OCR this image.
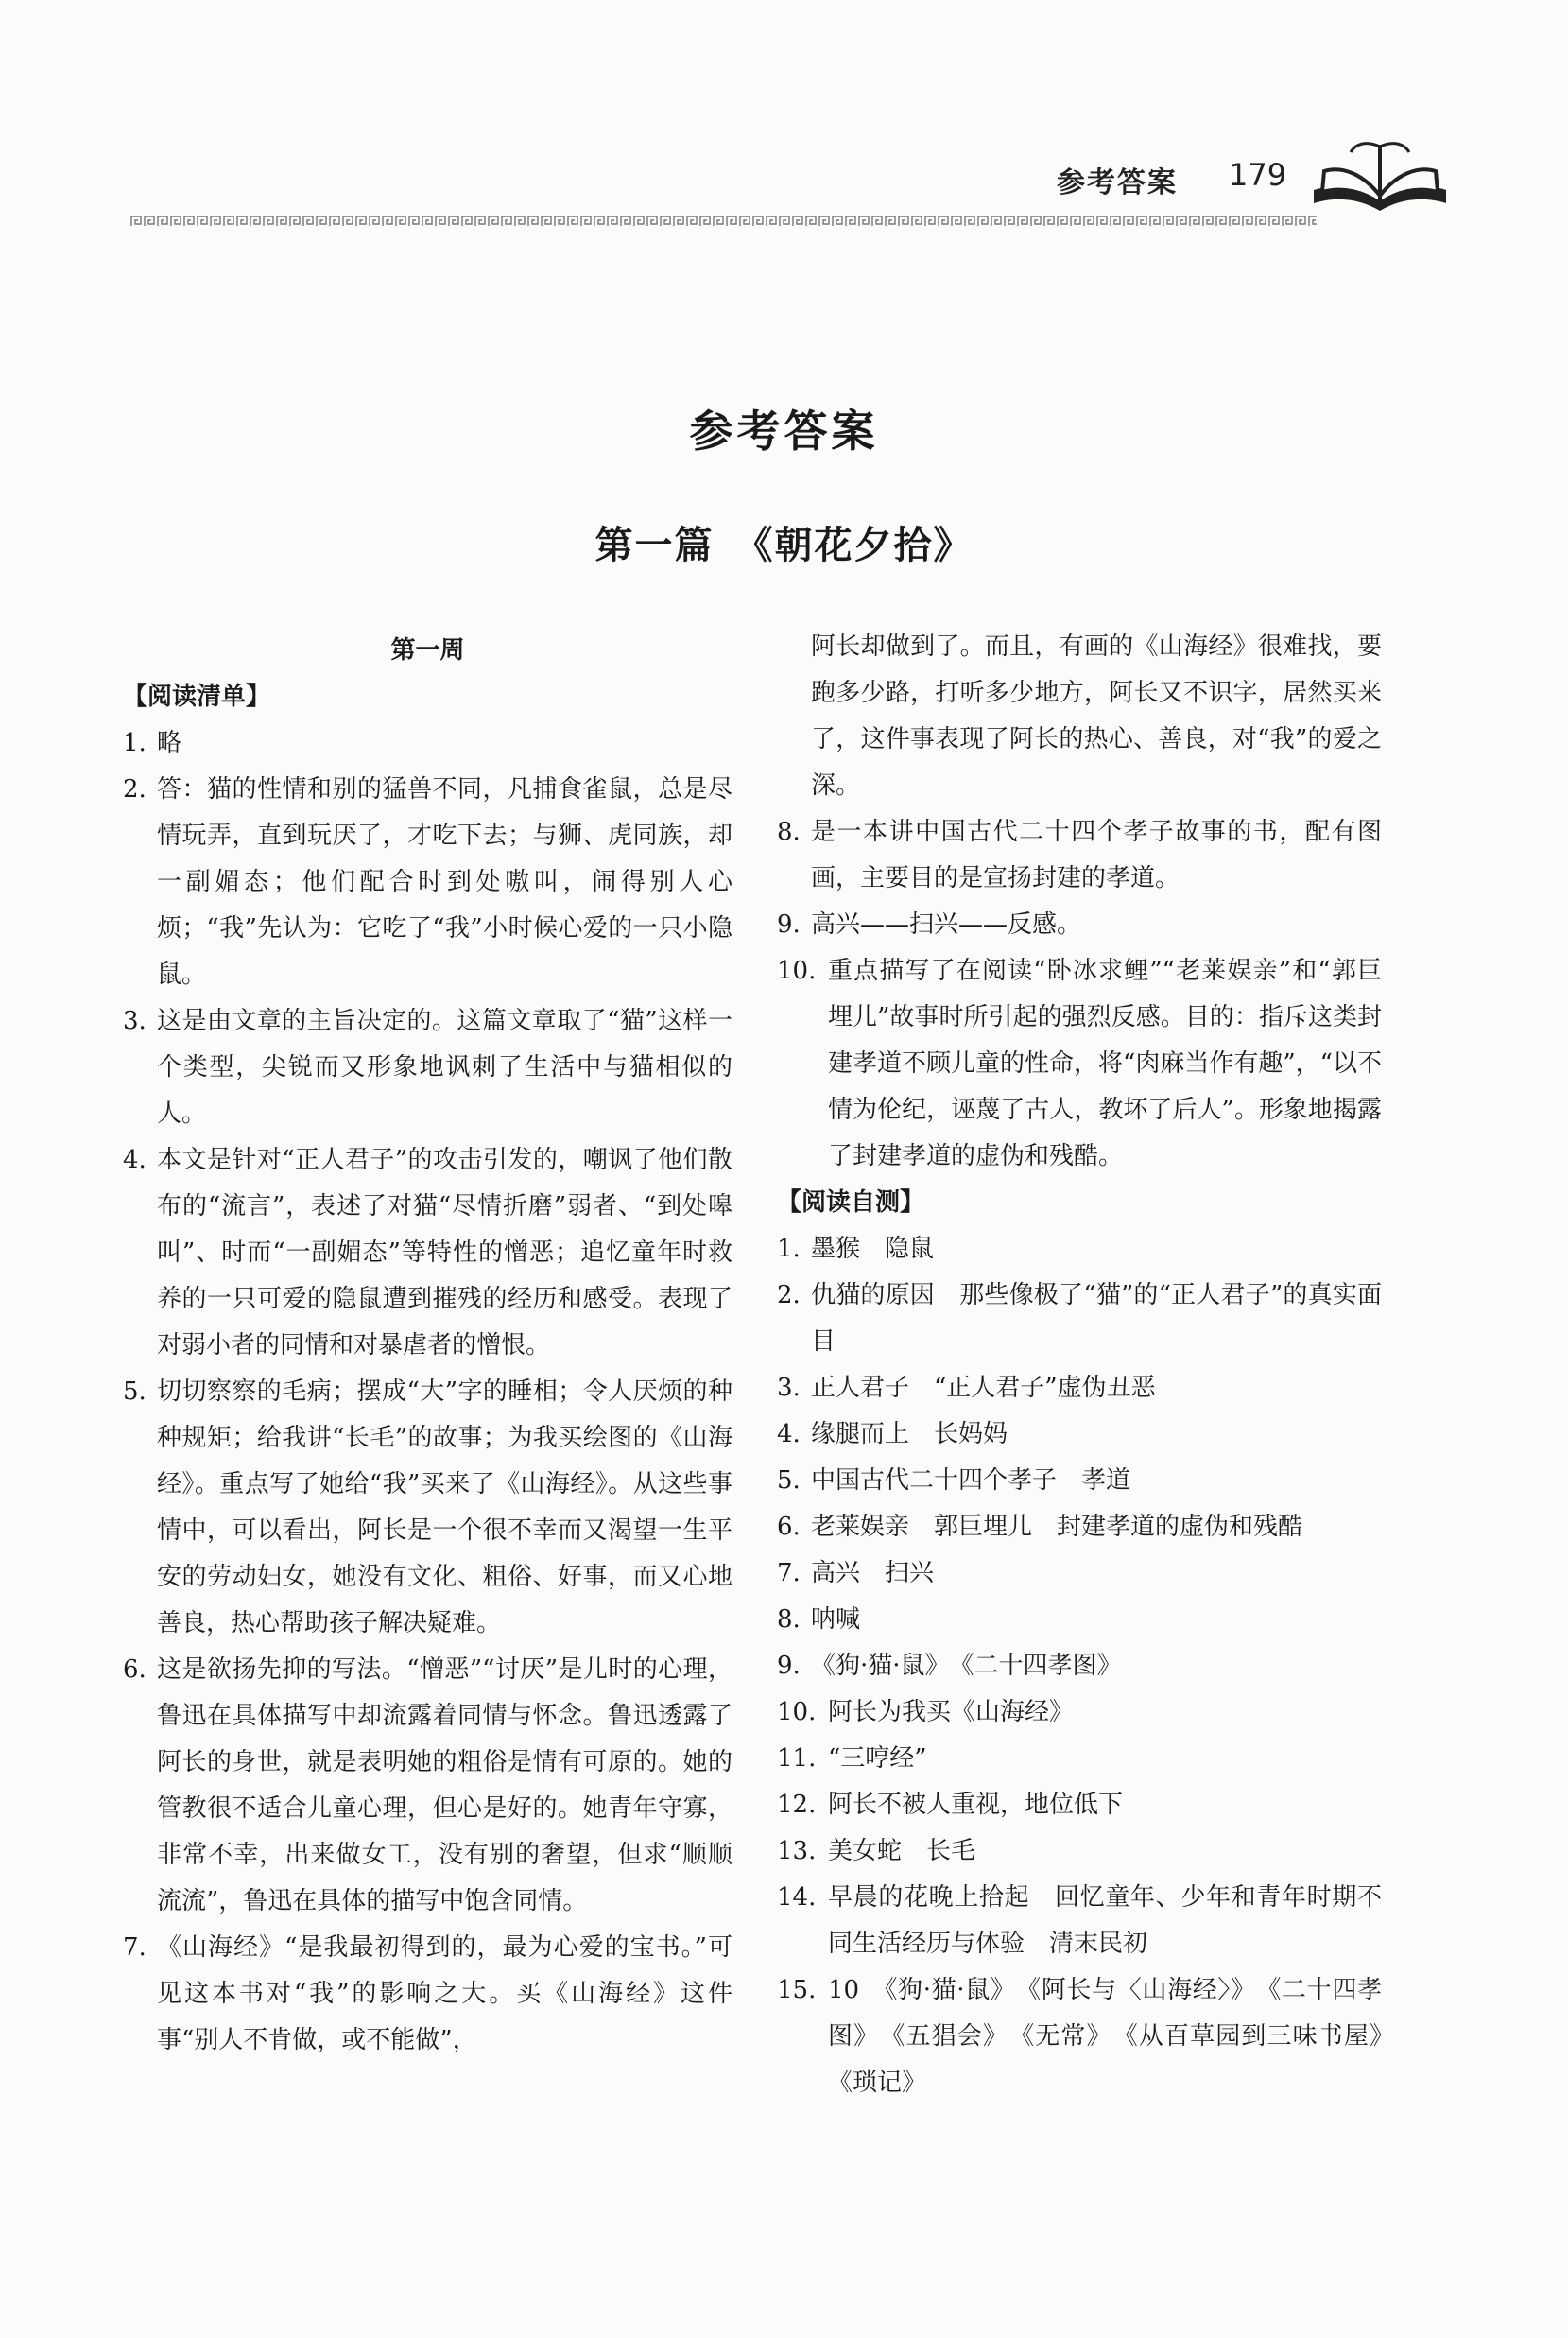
参考答案 179
参考答案
第一篇　《朝花夕拾》
第一周
【阅读清单】
1. 略
2. 答：猫的性情和别的猛兽不同，凡捕食雀鼠，总是尽情玩弄，直到玩厌了，才吃下去；与狮、虎同族，却一副媚态；他们配合时到处嗷叫，闹得别人心烦；“我”先认为：它吃了“我”小时候心爱的一只小隐鼠。
3. 这是由文章的主旨决定的。这篇文章取了“猫”这样一个类型，尖锐而又形象地讽刺了生活中与猫相似的人。
4. 本文是针对“正人君子”的攻击引发的，嘲讽了他们散布的“流言”，表述了对猫“尽情折磨”弱者、“到处嗥叫”、时而“一副媚态”等特性的憎恶；追忆童年时救养的一只可爱的隐鼠遭到摧残的经历和感受。表现了对弱小者的同情和对暴虐者的憎恨。
5. 切切察察的毛病；摆成“大”字的睡相；令人厌烦的种种规矩；给我讲“长毛”的故事；为我买绘图的《山海经》。重点写了她给“我”买来了《山海经》。从这些事情中，可以看出，阿长是一个很不幸而又渴望一生平安的劳动妇女，她没有文化、粗俗、好事，而又心地善良，热心帮助孩子解决疑难。
6. 这是欲扬先抑的写法。“憎恶”“讨厌”是儿时的心理，鲁迅在具体描写中却流露着同情与怀念。鲁迅透露了阿长的身世，就是表明她的粗俗是情有可原的。她的管教很不适合儿童心理，但心是好的。她青年守寡，非常不幸，出来做女工，没有别的奢望，但求“顺顺流流”，鲁迅在具体的描写中饱含同情。
7. 《山海经》“是我最初得到的，最为心爱的宝书。”可见这本书对“我”的影响之大。买《山海经》这件事“别人不肯做，或不能做”，
阿长却做到了。而且，有画的《山海经》很难找，要跑多少路，打听多少地方，阿长又不识字，居然买来了，这件事表现了阿长的热心、善良，对“我”的爱之深。
8. 是一本讲中国古代二十四个孝子故事的书，配有图画，主要目的是宣扬封建的孝道。
9. 高兴——扫兴——反感。
10. 重点描写了在阅读“卧冰求鲤”“老莱娱亲”和“郭巨埋儿”故事时所引起的强烈反感。目的：指斥这类封建孝道不顾儿童的性命，将“肉麻当作有趣”，“以不情为伦纪，诬蔑了古人，教坏了后人”。形象地揭露了封建孝道的虚伪和残酷。
【阅读自测】
1. 墨猴　隐鼠
2. 仇猫的原因　那些像极了“猫”的“正人君子”的真实面目
3. 正人君子　“正人君子”虚伪丑恶
4. 缘腿而上　长妈妈
5. 中国古代二十四个孝子　孝道
6. 老莱娱亲　郭巨埋儿　封建孝道的虚伪和残酷
7. 高兴　扫兴
8. 呐喊
9. 《狗·猫·鼠》　《二十四孝图》
10. 阿长为我买《山海经》
11. “三哼经”
12. 阿长不被人重视，地位低下
13. 美女蛇　长毛
14. 早晨的花晚上拾起　回忆童年、少年和青年时期不同生活经历与体验　清末民初
15. 10　《狗·猫·鼠》　《阿长与〈山海经〉》　《二十四孝图》　《五猖会》　《无常》　《从百草园到三味书屋》　《琐记》
